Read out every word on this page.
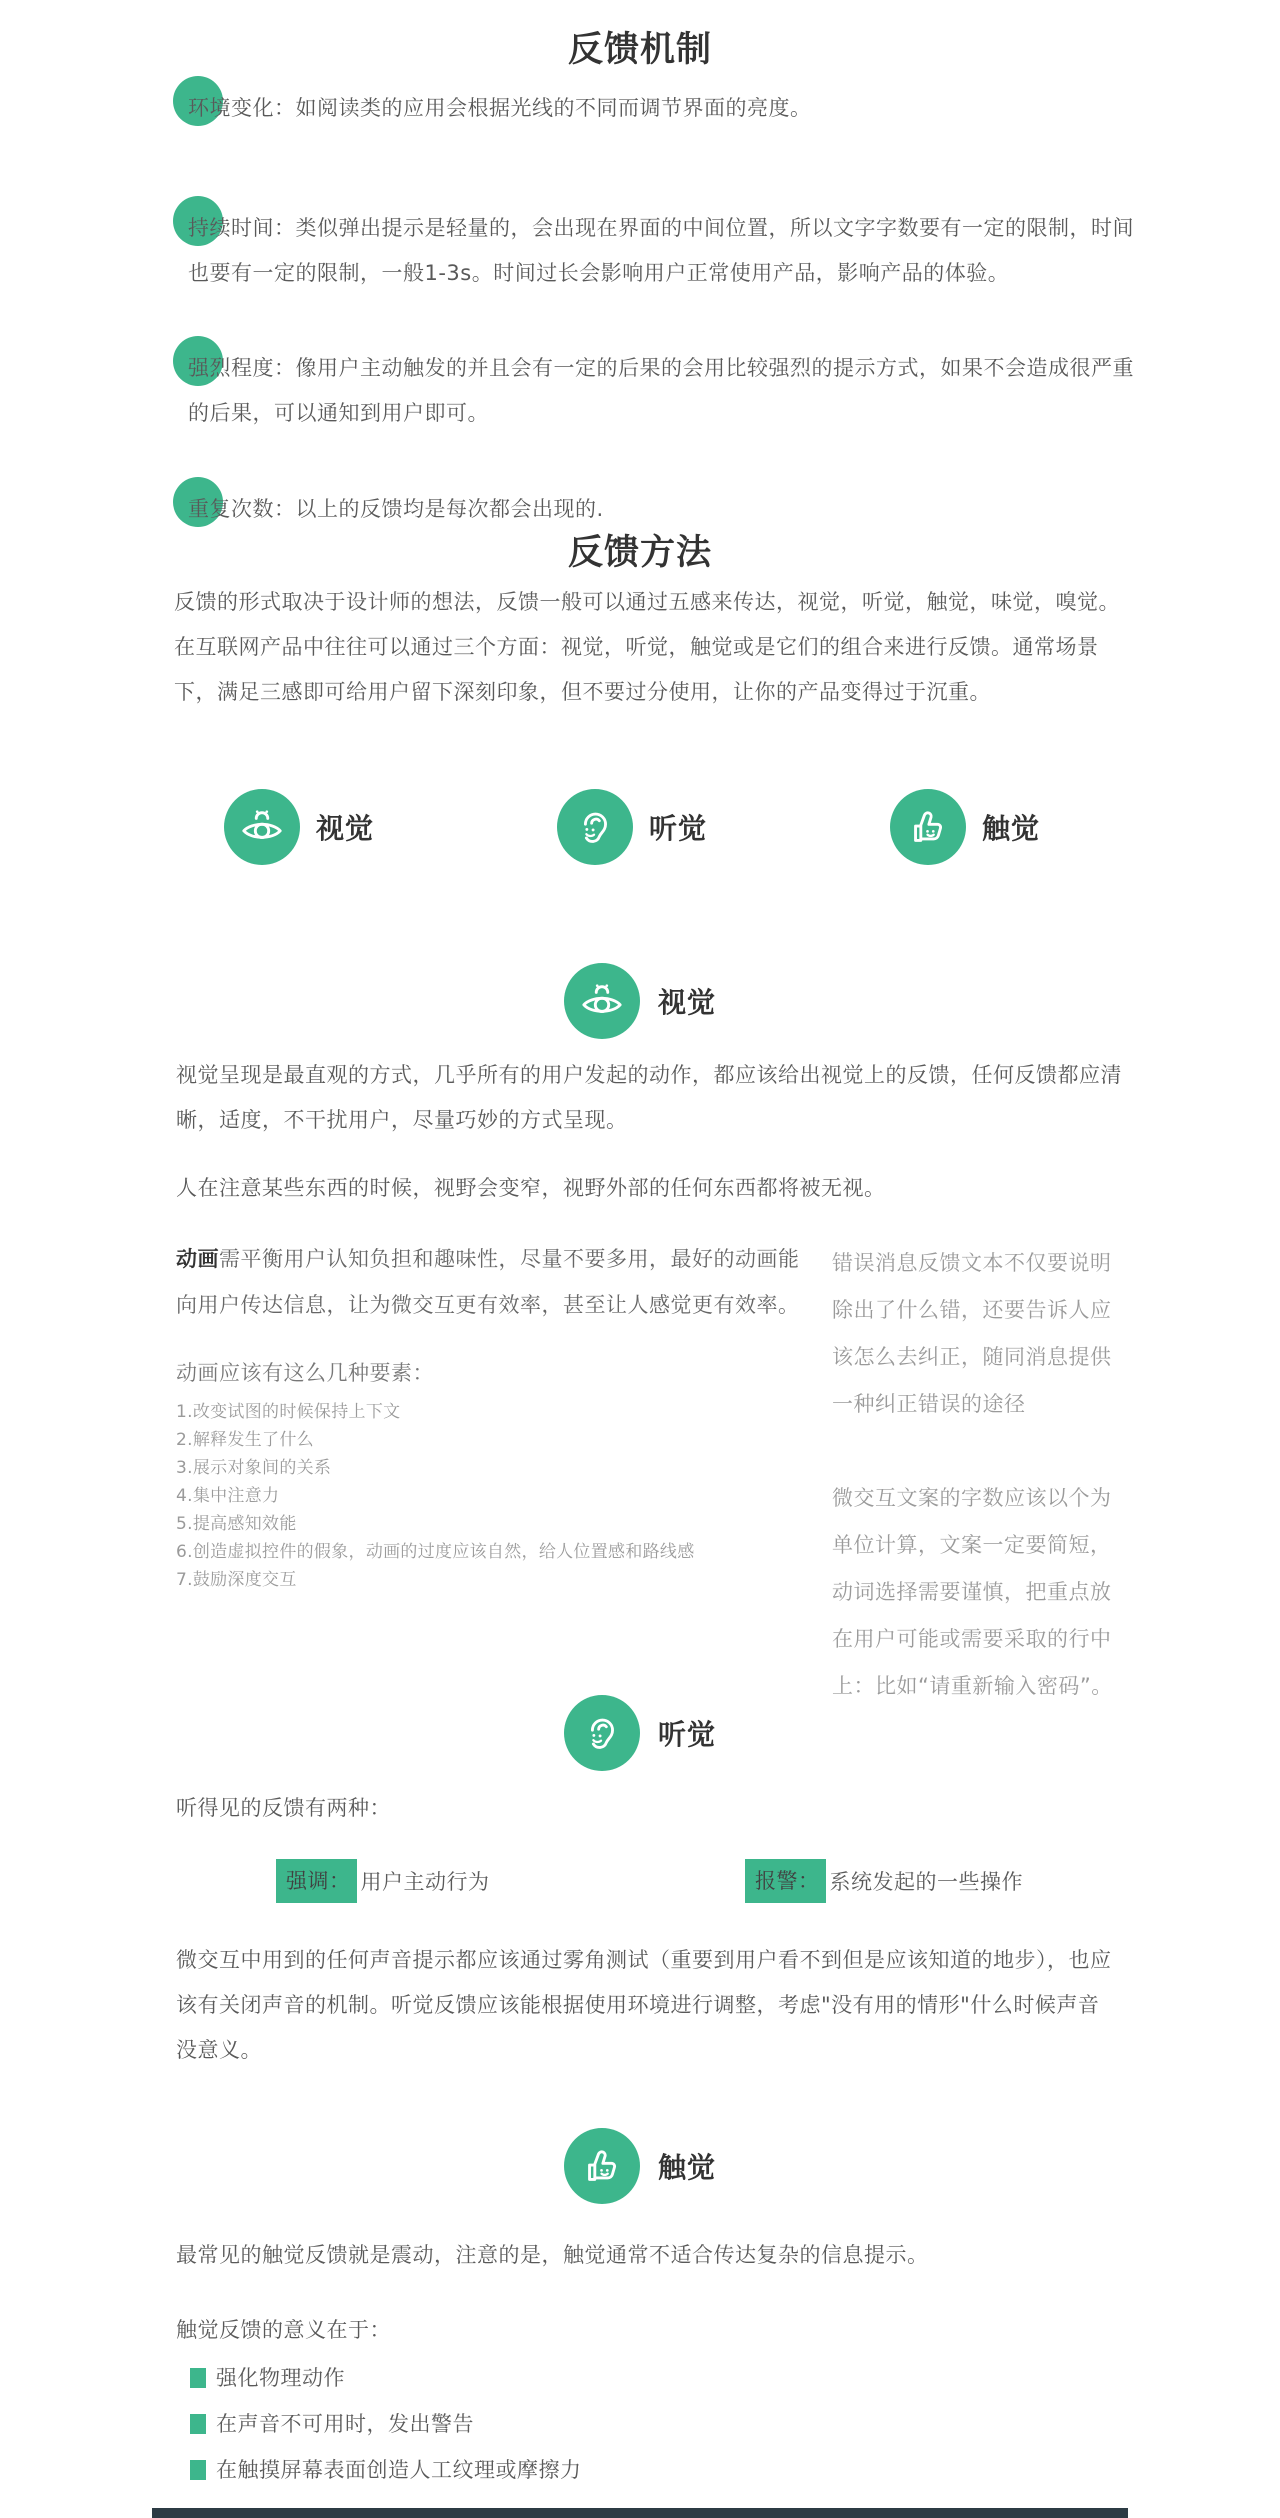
反馈机制
环境变化：如阅读类的应用会根据光线的不同而调节界面的亮度。
持续时间：类似弹出提示是轻量的，会出现在界面的中间位置，所以文字字数要有一定的限制，时间也要有一定的限制，一般1-3s。时间过长会影响用户正常使用产品，影响产品的体验。
强烈程度：像用户主动触发的并且会有一定的后果的会用比较强烈的提示方式，如果不会造成很严重的后果，可以通知到用户即可。
重复次数：以上的反馈均是每次都会出现的.
反馈方法

反馈的形式取决于设计师的想法，反馈一般可以通过五感来传达，视觉，听觉，触觉，味觉，嗅觉。在互联网产品中往往可以通过三个方面：视觉，听觉，触觉或是它们的组合来进行反馈。通常场景下，满足三感即可给用户留下深刻印象，但不要过分使用，让你的产品变得过于沉重。

视觉	听觉	触觉
视觉

视觉呈现是最直观的方式，几乎所有的用户发起的动作，都应该给出视觉上的反馈，任何反馈都应清晰，适度，不干扰用户，尽量巧妙的方式呈现。

人在注意某些东西的时候，视野会变窄，视野外部的任何东西都将被无视。

动画需平衡用户认知负担和趣味性，尽量不要多用，最好的动画能向用户传达信息，让为微交互更有效率，甚至让人感觉更有效率。

动画应该有这么几种要素：

1.改变试图的时候保持上下文
2.解释发生了什么
3.展示对象间的关系
4.集中注意力
5.提高感知效能
6.创造虚拟控件的假象，动画的过度应该自然，给人位置感和路线感
7.鼓励深度交互

错误消息反馈文本不仅要说明除出了什么错，还要告诉人应该怎么去纠正，随同消息提供一种纠正错误的途径

微交互文案的字数应该以个为单位计算，文案一定要简短，动词选择需要谨慎，把重点放在用户可能或需要采取的行中上：比如“请重新输入密码”。

听觉

听得见的反馈有两种：

强调： 用户主动行为	报警： 系统发起的一些操作

微交互中用到的任何声音提示都应该通过雾角测试（重要到用户看不到但是应该知道的地步），也应该有关闭声音的机制。听觉反馈应该能根据使用环境进行调整，考虑"没有用的情形"什么时候声音没意义。

触觉

最常见的触觉反馈就是震动，注意的是，触觉通常不适合传达复杂的信息提示。

触觉反馈的意义在于：

强化物理动作
在声音不可用时，发出警告
在触摸屏幕表面创造人工纹理或摩擦力
